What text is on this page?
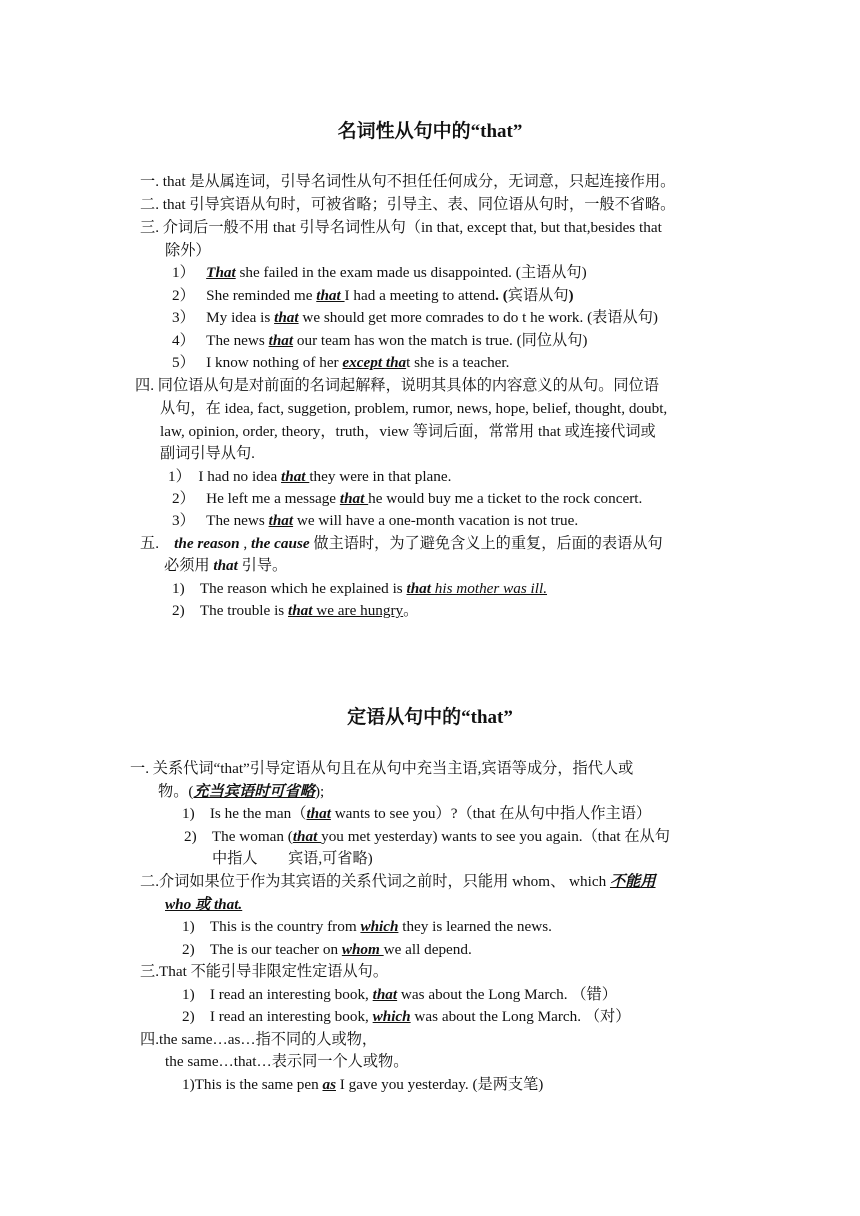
名词性从句中的“that”
一. that 是从属连词，引导名词性从句不担任任何成分，无词意，只起连接作用。
二. that 引导宾语从句时，可被省略；引导主、表、同位语从句时，一般不省略。
三. 介词后一般不用 that 引导名词性从句（in that, except that, but that,besides that
除外）
1） That she failed in the exam made us disappointed. (主语从句)
2） She reminded me that I had a meeting to attend. (宾语从句)
3） My idea is that we should get more comrades to do t he work. (表语从句)
4） The news that our team has won the match is true. (同位从句)
5） I know nothing of her except that she is a teacher.
四. 同位语从句是对前面的名词起解释，说明其具体的内容意义的从句。同位语
从句，在 idea, fact, suggetion, problem, rumor, news, hope, belief, thought, doubt,
law, opinion, order, theory，truth，view 等词后面，常常用 that 或连接代词或
副词引导从句.
1） I had no idea that they were in that plane.
2） He left me a message that he would buy me a ticket to the rock concert.
3） The news that we will have a one-month vacation is not true.
五. the reason , the cause 做主语时，为了避免含义上的重复，后面的表语从句
必须用 that 引导。
1) The reason which he explained is that his mother was ill.
2) The trouble is that we are hungry。
定语从句中的“that”
一. 关系代词“that”引导定语从句且在从句中充当主语,宾语等成分，指代人或
物。(充当宾语时可省略);
1) Is he the man（that wants to see you）?（that 在从句中指人作主语）
2) The woman (that you met yesterday) wants to see you again.（that 在从句
中指人　　宾语,可省略)
二.介词如果位于作为其宾语的关系代词之前时，只能用 whom、 which 不能用
who 或 that.
1) This is the country from which they is learned the news.
2) The is our teacher on whom we all depend.
三.That 不能引导非限定性定语从句。
1) I read an interesting book, that was about the Long March. （错）
2) I read an interesting book, which was about the Long March. （对）
四.the same…as…指不同的人或物，
the same…that…表示同一个人或物。
1)This is the same pen as I gave you yesterday. (是两支笔)
